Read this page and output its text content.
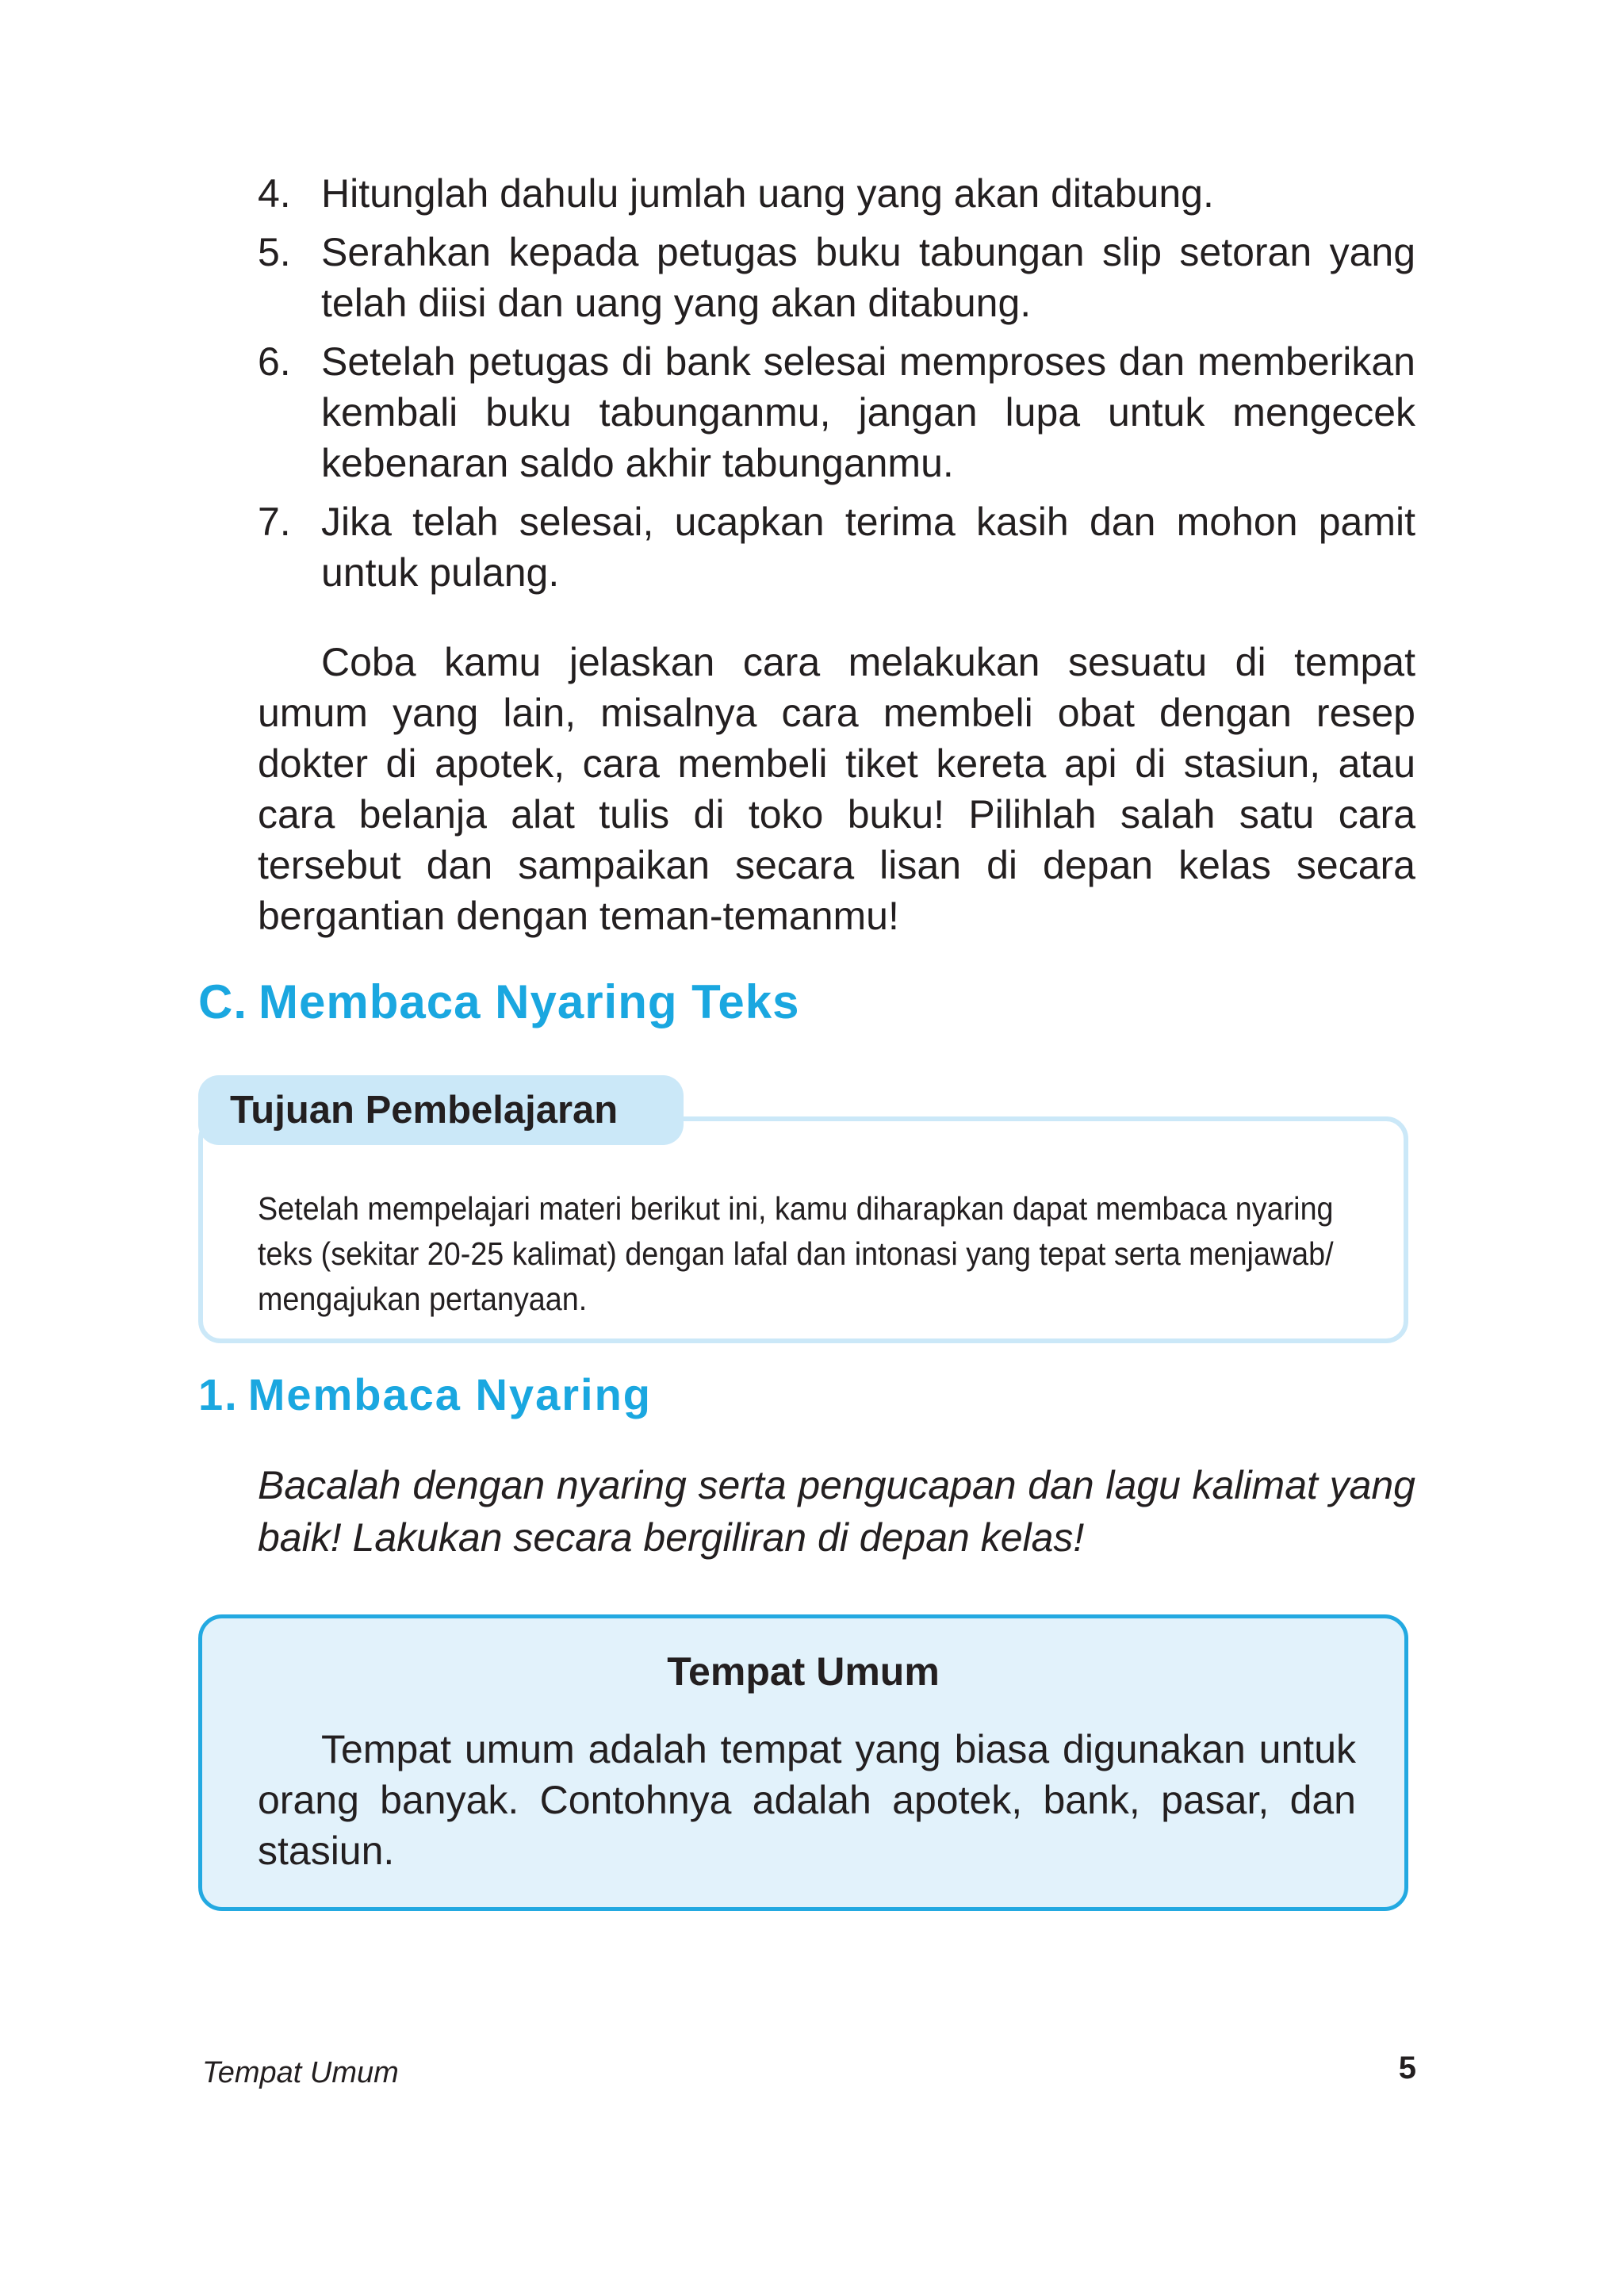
4. Hitunglah dahulu jumlah uang yang akan ditabung.
5. Serahkan kepada petugas buku tabungan slip setoran yang telah diisi dan uang yang akan ditabung.
6. Setelah petugas di bank selesai memproses dan memberikan kembali buku tabunganmu, jangan lupa untuk mengecek kebenaran saldo akhir tabunganmu.
7. Jika telah selesai, ucapkan terima kasih dan mohon pamit untuk pulang.

Coba kamu jelaskan cara melakukan sesuatu di tempat umum yang lain, misalnya cara membeli obat dengan resep dokter di apotek, cara membeli tiket kereta api di stasiun, atau cara belanja alat tulis di toko buku! Pilihlah salah satu cara tersebut dan sampaikan secara lisan di depan kelas secara bergantian dengan teman-temanmu!

C. Membaca Nyaring Teks
Tujuan Pembelajaran

Setelah mempelajari materi berikut ini, kamu diharapkan dapat membaca nyaring teks (sekitar 20-25 kalimat) dengan lafal dan intonasi yang tepat serta menjawab/ mengajukan pertanyaan.

1. Membaca Nyaring

Bacalah dengan nyaring serta pengucapan dan lagu kalimat yang baik! Lakukan secara bergiliran di depan kelas!

Tempat Umum

Tempat umum adalah tempat yang biasa digunakan untuk orang banyak. Contohnya adalah apotek, bank, pasar, dan stasiun.

Tempat Umum	5
